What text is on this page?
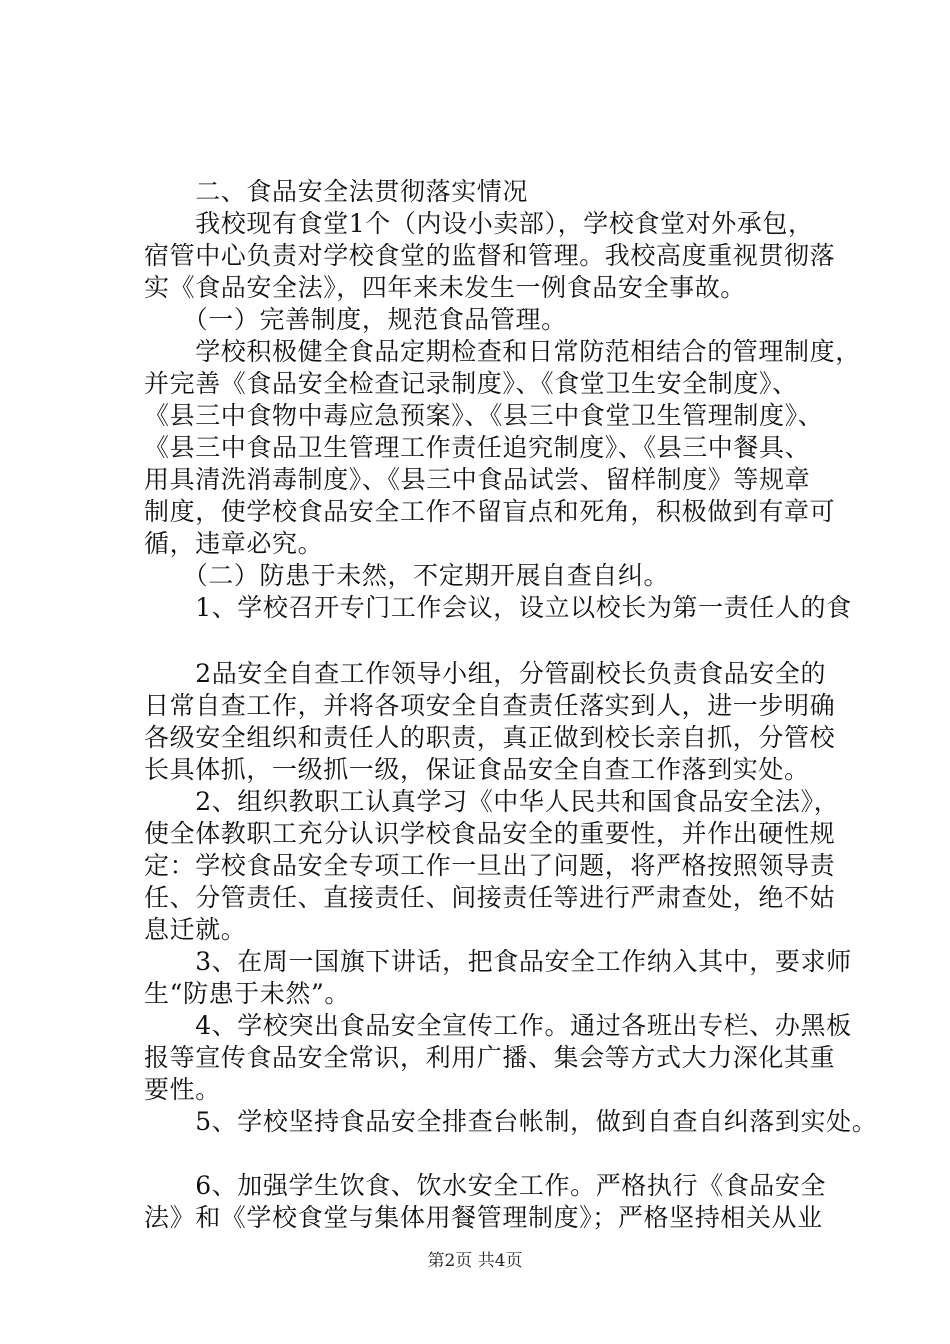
　　二、食品安全法贯彻落实情况
　　我校现有食堂1个（内设小卖部），学校食堂对外承包，
宿管中心负责对学校食堂的监督和管理。我校高度重视贯彻落
实《食品安全法》，四年来未发生一例食品安全事故。
　　（一）完善制度，规范食品管理。
　　学校积极健全食品定期检查和日常防范相结合的管理制度，
并完善《食品安全检查记录制度》、《食堂卫生安全制度》、
《县三中食物中毒应急预案》、《县三中食堂卫生管理制度》、
《县三中食品卫生管理工作责任追究制度》、《县三中餐具、
用具清洗消毒制度》、《县三中食品试尝、留样制度》等规章
制度，使学校食品安全工作不留盲点和死角，积极做到有章可
循，违章必究。
　　（二）防患于未然，不定期开展自查自纠。
　　1、学校召开专门工作会议，设立以校长为第一责任人的食
　　2品安全自查工作领导小组，分管副校长负责食品安全的
日常自查工作，并将各项安全自查责任落实到人，进一步明确
各级安全组织和责任人的职责，真正做到校长亲自抓，分管校
长具体抓，一级抓一级，保证食品安全自查工作落到实处。
　　2、组织教职工认真学习《中华人民共和国食品安全法》，
使全体教职工充分认识学校食品安全的重要性，并作出硬性规
定：学校食品安全专项工作一旦出了问题，将严格按照领导责
任、分管责任、直接责任、间接责任等进行严肃查处，绝不姑
息迁就。
　　3、在周一国旗下讲话，把食品安全工作纳入其中，要求师
生“防患于未然”。
　　4、学校突出食品安全宣传工作。通过各班出专栏、办黑板
报等宣传食品安全常识，利用广播、集会等方式大力深化其重
要性。
　　5、学校坚持食品安全排查台帐制，做到自查自纠落到实处。
　　6、加强学生饮食、饮水安全工作。严格执行《食品安全
法》和《学校食堂与集体用餐管理制度》；严格坚持相关从业
第2页 共4页
